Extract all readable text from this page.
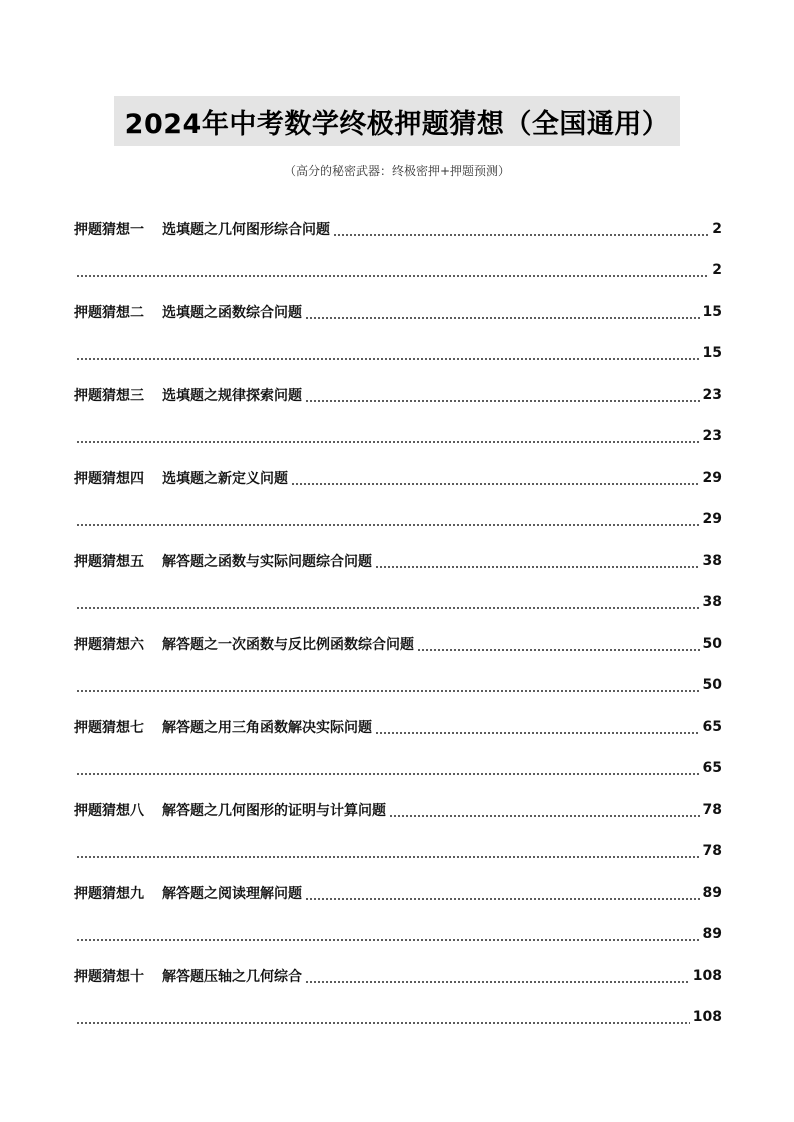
2024年中考数学终极押题猜想（全国通用）
（高分的秘密武器：终极密押+押题预测）
押题猜想一 选填题之几何图形综合问题	2
2
押题猜想二 选填题之函数综合问题	15
15
押题猜想三 选填题之规律探索问题	23
23
押题猜想四 选填题之新定义问题	29
29
押题猜想五 解答题之函数与实际问题综合问题	38
38
押题猜想六 解答题之一次函数与反比例函数综合问题	50
50
押题猜想七 解答题之用三角函数解决实际问题	65
65
押题猜想八 解答题之几何图形的证明与计算问题	78
78
押题猜想九 解答题之阅读理解问题	89
89
押题猜想十 解答题压轴之几何综合	108
108
